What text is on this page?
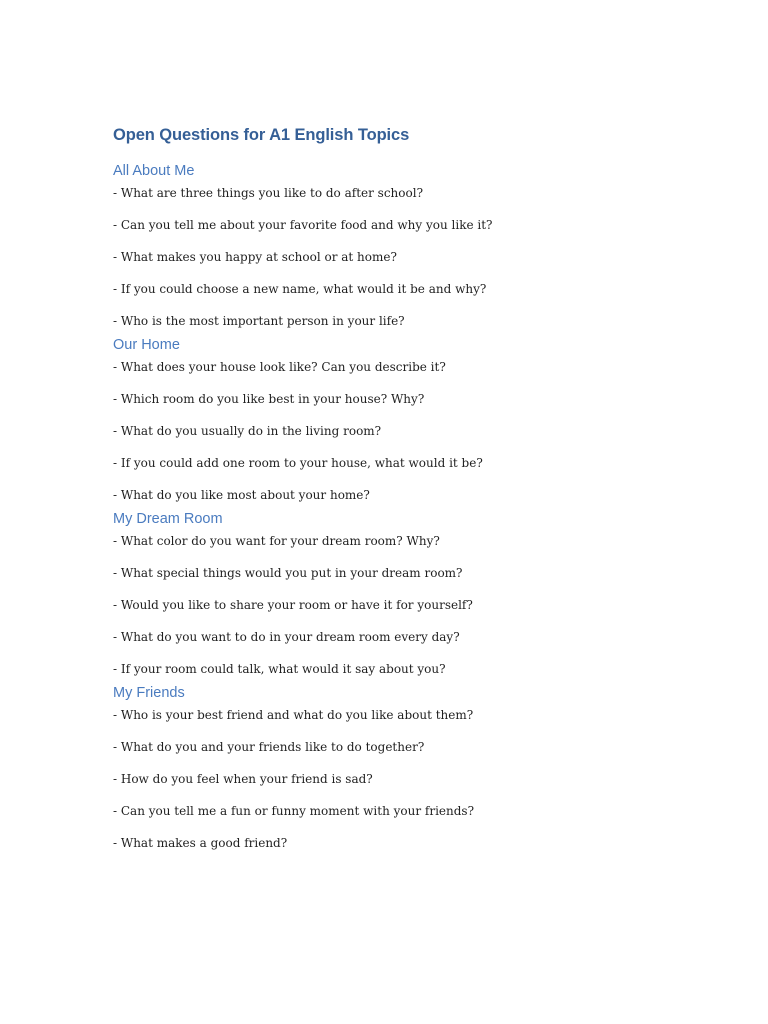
Open Questions for A1 English Topics
All About Me
- What are three things you like to do after school?
- Can you tell me about your favorite food and why you like it?
- What makes you happy at school or at home?
- If you could choose a new name, what would it be and why?
- Who is the most important person in your life?
Our Home
- What does your house look like? Can you describe it?
- Which room do you like best in your house? Why?
- What do you usually do in the living room?
- If you could add one room to your house, what would it be?
- What do you like most about your home?
My Dream Room
- What color do you want for your dream room? Why?
- What special things would you put in your dream room?
- Would you like to share your room or have it for yourself?
- What do you want to do in your dream room every day?
- If your room could talk, what would it say about you?
My Friends
- Who is your best friend and what do you like about them?
- What do you and your friends like to do together?
- How do you feel when your friend is sad?
- Can you tell me a fun or funny moment with your friends?
- What makes a good friend?
